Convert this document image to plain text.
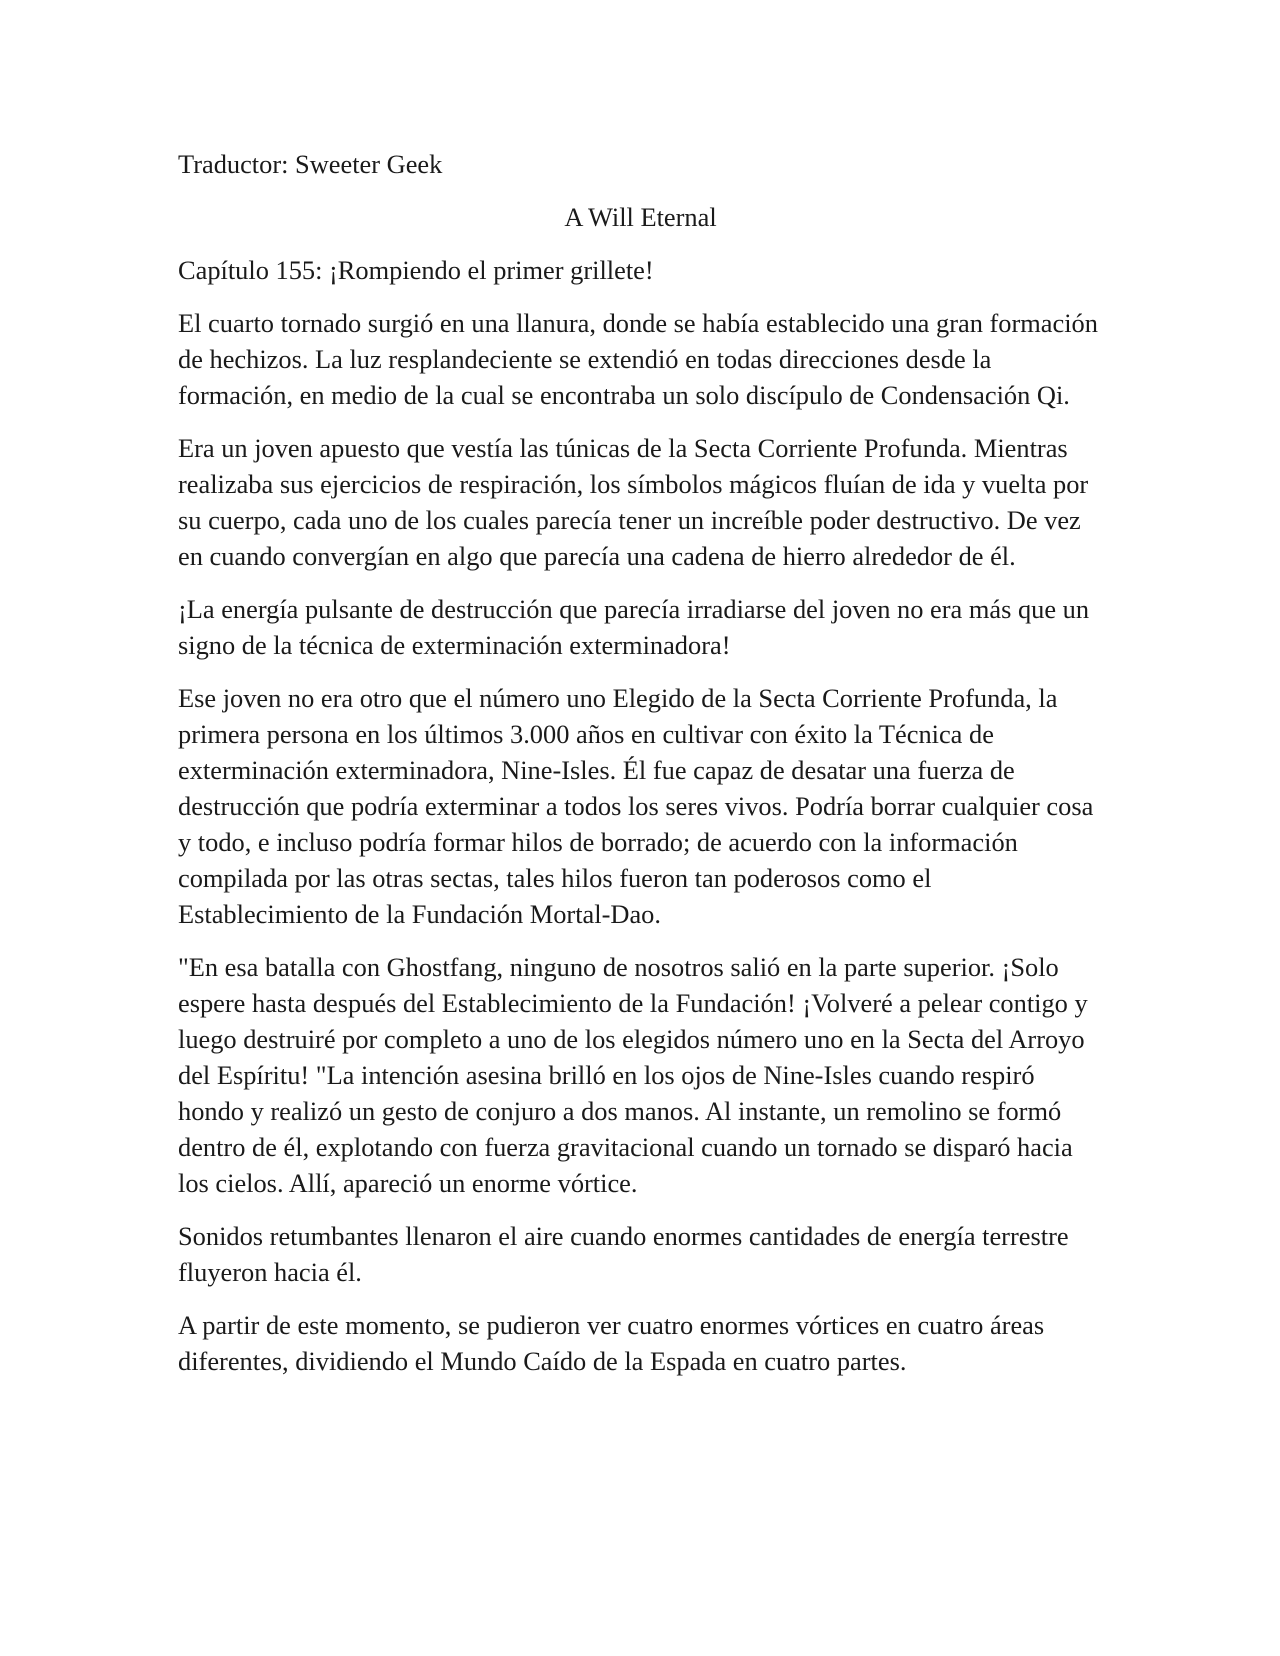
Traductor: Sweeter Geek

A Will Eternal

Capítulo 155: ¡Rompiendo el primer grillete!

El cuarto tornado surgió en una llanura, donde se había establecido una gran formación de hechizos. La luz resplandeciente se extendió en todas direcciones desde la formación, en medio de la cual se encontraba un solo discípulo de Condensación Qi.

Era un joven apuesto que vestía las túnicas de la Secta Corriente Profunda. Mientras realizaba sus ejercicios de respiración, los símbolos mágicos fluían de ida y vuelta por su cuerpo, cada uno de los cuales parecía tener un increíble poder destructivo. De vez en cuando convergían en algo que parecía una cadena de hierro alrededor de él.

¡La energía pulsante de destrucción que parecía irradiarse del joven no era más que un signo de la técnica de exterminación exterminadora!

Ese joven no era otro que el número uno Elegido de la Secta Corriente Profunda, la primera persona en los últimos 3.000 años en cultivar con éxito la Técnica de exterminación exterminadora, Nine-Isles. Él fue capaz de desatar una fuerza de destrucción que podría exterminar a todos los seres vivos. Podría borrar cualquier cosa y todo, e incluso podría formar hilos de borrado; de acuerdo con la información compilada por las otras sectas, tales hilos fueron tan poderosos como el Establecimiento de la Fundación Mortal-Dao.

"En esa batalla con Ghostfang, ninguno de nosotros salió en la parte superior. ¡Solo espere hasta después del Establecimiento de la Fundación! ¡Volveré a pelear contigo y luego destruiré por completo a uno de los elegidos número uno en la Secta del Arroyo del Espíritu! "La intención asesina brilló en los ojos de Nine-Isles cuando respiró hondo y realizó un gesto de conjuro a dos manos. Al instante, un remolino se formó dentro de él, explotando con fuerza gravitacional cuando un tornado se disparó hacia los cielos. Allí, apareció un enorme vórtice.

Sonidos retumbantes llenaron el aire cuando enormes cantidades de energía terrestre fluyeron hacia él.

A partir de este momento, se pudieron ver cuatro enormes vórtices en cuatro áreas diferentes, dividiendo el Mundo Caído de la Espada en cuatro partes.
